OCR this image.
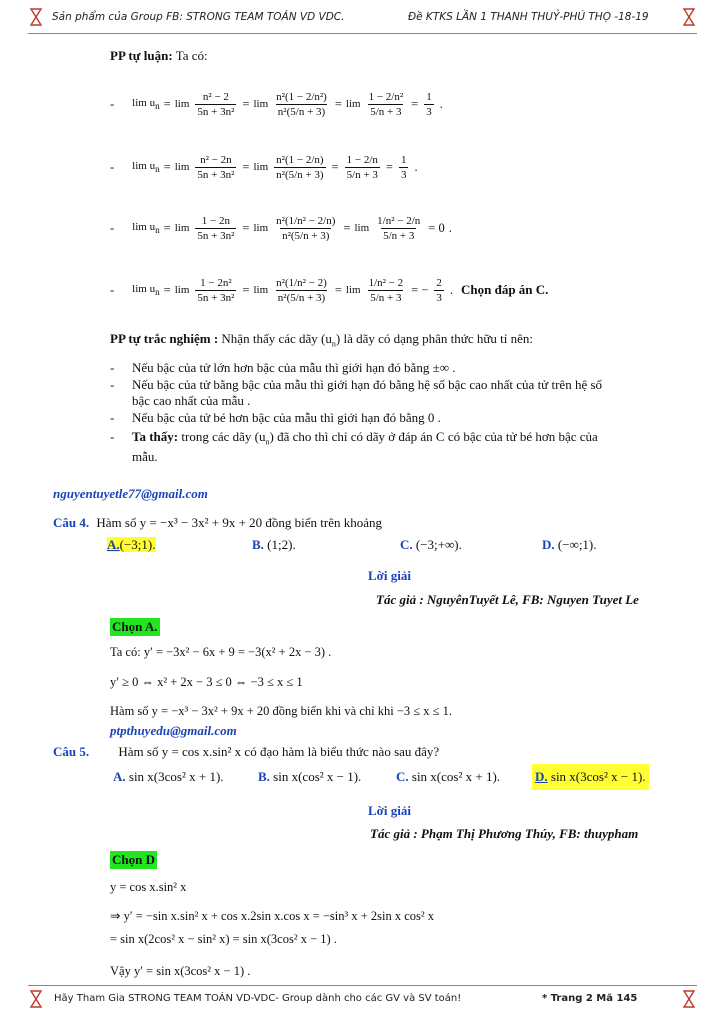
Sản phẩm của Group FB: STRONG TEAM TOÁN VD VDC.	Đề KTKS LẦN 1 THANH THUỶ-PHÚ THỌ -18-19
PP tự luận: Ta có:
- $\lim u_n = \lim \frac{\text{n² − 2}}{\text{5n + 3n²}} = \lim \frac{\text{n²(1 − 2/n²)}}{\text{n²(5/n + 3)}} = \lim \frac{\text{1 − 2/n²}}{5/n + 3} = \frac{1}{3}$ .
- $\lim u_n = \lim \frac{\text{n² − 2n}}{\text{5n + 3n²}} = \lim \frac{\text{n²(1 − 2/n)}}{\text{n²(5/n + 3)}} = \frac{1 - 2/n}{5/n + 3} = \frac{1}{3}$ .
- $\lim u_n = \lim \frac{1 - 2n}{\text{5n + 3n²}} = \lim \frac{\text{n²(1/n² − 2/n)}}{\text{n²(5/n + 3)}} = \lim \frac{\text{1/n² − 2/n}}{5/n + 3} = 0$ .
- $\lim u_n = \lim \frac{\text{1 − 2n²}}{\text{5n + 3n²}} = \lim \frac{\text{n²(1/n² − 2)}}{\text{n²(5/n + 3)}} = \lim \frac{\text{1/n² − 2}}{5/n + 3}$ = − $\frac{2}{3}$ . Chọn đáp án C.
PP tự trắc nghiệm : Nhận thấy các dãy $(u_n)$ là dãy có dạng phân thức hữu tỉ nên:
- Nếu bậc của tử lớn hơn bậc của mẫu thì giới hạn đó bằng ±∞ .
- Nếu bậc của tử bằng bậc của mẫu thì giới hạn đó bằng hệ số bậc cao nhất của tử trên hệ số
bậc cao nhất của mẫu .
- Nếu bậc của tử bé hơn bậc của mẫu thì giới hạn đó bằng 0 .
- Ta thấy: trong các dãy $(u_n)$ đã cho thì chỉ có dãy ở đáp án C có bậc của tử bé hơn bậc của
mẫu.
nguyentuyetle77@gmail.com
Câu 4. Hàm số y = −x³ − 3x² + 9x + 20 đồng biến trên khoảng
A.(−3;1).	B. (1;2).	C. (−3;+∞).	D. (−∞;1).
Lời giải
Tác giả : NguyễnTuyết Lê, FB: Nguyen Tuyet Le
Chọn A.
Ta có: y′ = −3x² − 6x + 9 = −3(x² + 2x − 3) .
y′ ≥ 0 ⇔ x² + 2x − 3 ≤ 0 ⇔ −3 ≤ x ≤ 1
Hàm số y = −x³ − 3x² + 9x + 20 đồng biến khi và chỉ khi −3 ≤ x ≤ 1.
ptpthuyedu@gmail.com
Câu 5. Hàm số y = cos x.sin² x có đạo hàm là biểu thức nào sau đây?
A. sin x(3cos² x + 1).	B. sin x(cos² x − 1).	C. sin x(cos² x + 1).	D. sin x(3cos² x − 1).
Lời giải
Tác giả : Phạm Thị Phương Thúy, FB: thuypham
Chọn D
y = cos x.sin² x
⇒ y′ = −sin x.sin² x + cos x.2sin x.cos x = −sin³ x + 2sin x cos² x
= sin x(2cos² x − sin² x) = sin x(3cos² x − 1) .
Vậy y′ = sin x(3cos² x − 1) .
Hãy Tham Gia STRONG TEAM TOÁN VD-VDC- Group dành cho các GV và SV toán!	* Trang 2 Mã 145
